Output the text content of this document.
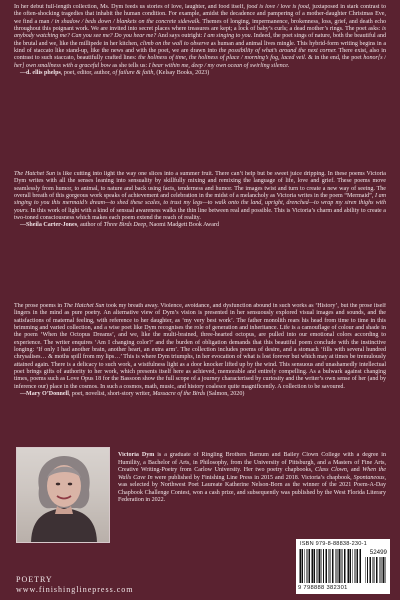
In her debut full-length collection, Ms. Dym feeds us stories of love, laughter, and food itself, food is love / love is food, juxtaposed in stark contrast to the often-shocking tragedies that inhabit the human condition. For example, amidst the decadence and pampering of a mother-daughter Christmas Eve, we find a man / in shadow / beds down / blankets on the concrete sidewalk. Themes of longing, impermanence, brokenness, loss, grief, and death echo throughout this poignant work. We are invited into secret places where treasures are kept; a lock of baby’s curls; a dead mother’s rings. The poet asks: is anybody watching me? Can you see me? Do you hear me? And says outright: I am singing to you. Indeed, the poet sings of nature, both the beautiful and the brutal and we, like the millipede in her kitchen, climb on the wall to observe as human and animal lives mingle. This hybrid-form writing begins in a kind of staccato like stand-up, like the news and with the poet, we are drawn into the possibility of what’s around the next corner. There exist, also in contrast to such staccato, beautifully crafted lines: the holiness of time, the holiness of place / morning’s fog, laced veil. & in the end, the poet honor[s / her] own smallness with a graceful bow as she tells us: I bear within me, deep / my own ocean of swirling silence.

—d. ellis phelps, poet, editor, author, of failure & faith, (Kelsay Books, 2023)

The Hatchet Sun is like cutting into light the way one slices into a summer fruit. There can’t help but be sweet juice dripping. In these poems Victoria Dym writes with all the senses leaning into sensuality by skillfully mixing and remixing the language of life, love and grief. These poems move seamlessly from humor, to animal, to nature and back using facts, tenderness and humor. The images twist and turn to create a new way of seeing. The overall breath of this gorgeous work speaks of achievement and celebration in the midst of a melancholy as Victoria writes in the poem “Mermaid”, I am singing to you this mermaid’s dream—to shed these scales, to trust my legs—to walk onto the land, upright, drenched—to wrap my siren thighs with yours. In this work of light with a kind of sensual awareness walks the thin line between real and possible. This is Victoria’s charm and ability to create a two-toned consciousness which makes each poem extend the reach of reality.

—Sheila Carter-Jones, author of Three Birds Deep, Naomi Madgett Book Award

The prose poems in The Hatchet Sun took my breath away. Violence, avoidance, and dysfunction abound in such works as ‘History’, but the prose itself lingers in the mind as pure poetry. An alternative view of Dym’s vision is presented in her sensuously explored visual images and sounds, and the satisfactions of maternal feeling, with reference to her daughter, as ‘my very best work’. The father monolith rears his head from time to time in this brimming and varied collection, and a wise poet like Dym recognises the role of generation and inheritance. Life is a camouflage of colour and shade in the poem ‘When the Octopus Dreams’, and we, like the multi-brained, three-hearted octopus, are pulled into our emotional colors according to experience. The writer enquires ‘Am I changing color?’ and the burden of obligation demands that this beautiful poem conclude with the instinctive longing: ‘If only I had another brain, another heart, an extra arm’. The collection includes poems of desire, and a stomach ‘fills with several hundred chrysalises… & moths spill from my lips…’ This is where Dym triumphs, in her evocation of what is lost forever but which may at times be tremulously attained again. There is a delicacy to such work, a wistfulness light as a door knocker lifted up by the wind. This sensuous and unashamedly intellectual poet brings gifts of authority to her work, which presents itself here as achieved, memorable and entirely compelling. As a bulwark against changing times, poems such as Love Opus 18 for the Bassoon show the full scope of a journey characterised by curiosity and the writer’s own sense of her (and by inference our) place in the cosmos. In such a cosmos, math, music, and history coalesce quite magnificently. A collection to be savoured.

—Mary O’Donnell, poet, novelist, short-story writer, Massacre of the Birds (Salmon, 2020)

Victoria Dym is a graduate of Ringling Brothers Barnum and Bailey Clown College with a degree in Humility, a Bachelor of Arts, in Philosophy, from the University of Pittsburgh, and a Masters of Fine Arts, Creative Writing-Poetry from Carlow University. Her two poetry chapbooks, Class Clown, and When the Walls Cave In were published by Finishing Line Press in 2015 and 2018. Victoria’s chapbook, Spontaneous, was selected by Northwest Poet Laureate Katherine Nelson-Born as the winner of the 2021 Poem-A-Day Chapbook Challenge Contest, won a cash prize, and subsequently was published by the West Florida Literary Federation in 2022.
POETRY
www.finishinglinepress.com
ISBN 979-8-88838-230-1
52499
9 798888 382301
